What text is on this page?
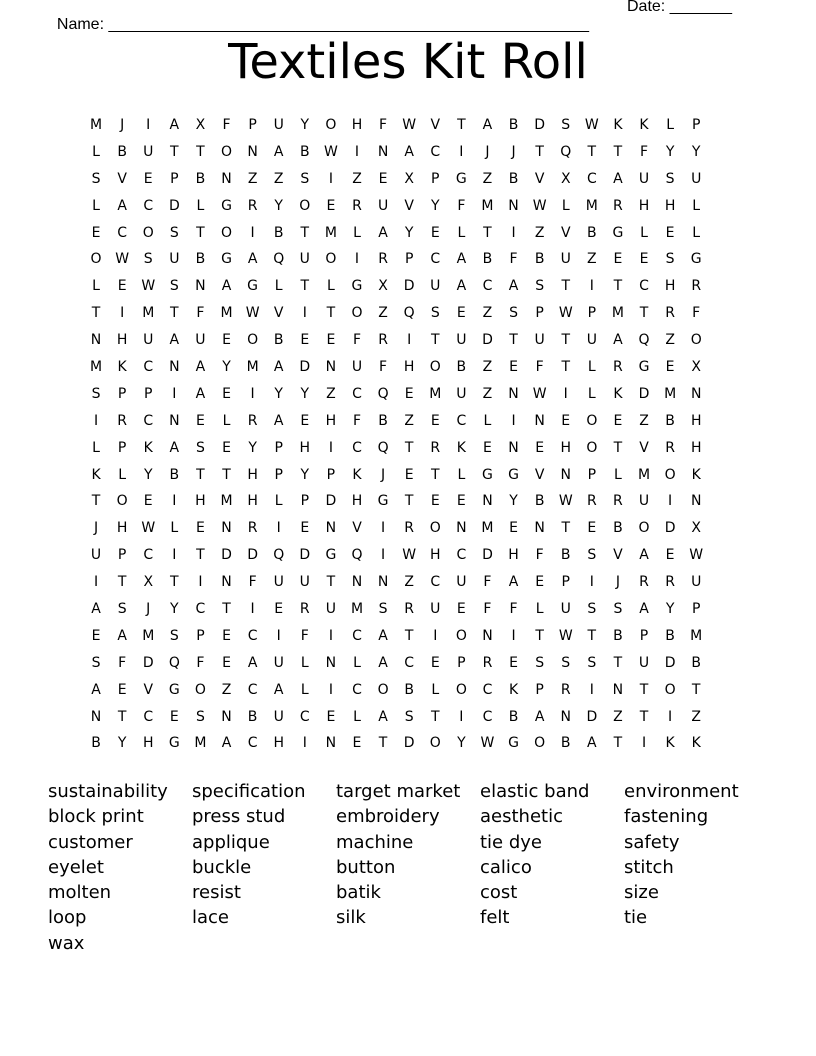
Name: ______________________________________________________

Date: _______

Textiles Kit Roll
M	J	I	A	X	F	P	U	Y	O	H	F	W	V	T	A	B	D	S	W	K	K	L	P
L	B	U	T	T	O	N	A	B	W	I	N	A	C	I	J	J	T	Q	T	T	F	Y	Y
S	V	E	P	B	N	Z	Z	S	I	Z	E	X	P	G	Z	B	V	X	C	A	U	S	U
L	A	C	D	L	G	R	Y	O	E	R	U	V	Y	F	M	N W	L	M	R	H	H	L
E	C	O	S	T	O	I	B	T	M	L	A	Y	E	L	T	I	Z	V	B	G	L	E	L
O W	S	U	B	G	A	Q	U	O	I	R	P	C	A	B	F	B	U	Z	E	E	S	G
L	E	W	S	N	A	G	L	T	L	G	X	D	U	A	C	A	S	T	I	T	C	H	R
T	I	M	T	F	M W	V	I	T	O	Z	Q	S	E	Z	S	P	W	P	M	T	R	F
N	H	U	A	U	E	O	B	E	E	F	R	I	T	U	D	T	U	T	U	A	Q	Z	O
M	K	C	N	A	Y	M	A	D	N	U	F	H	O	B	Z	E	F	T	L	R	G	E	X
S	P	P	I	A	E	I	Y	Y	Z	C	Q	E	M	U	Z	N W	I	L	K	D	M	N
I	R	C	N	E	L	R	A	E	H	F	B	Z	E	C	L	I	N	E	O	E	Z	B	H
L	P	K	A	S	E	Y	P	H	I	C	Q	T	R	K	E	N	E	H	O	T	V	R	H
K	L	Y	B	T	T	H	P	Y	P	K	J	E	T	L	G	G	V	N	P	L	M	O	K
T	O	E	I	H	M	H	L	P	D	H	G	T	E	E	N	Y	B	W	R	R	U	I	N
J	H W	L	E	N	R	I	E	N	V	I	R	O	N	M	E	N	T	E	B	O	D	X
U	P	C	I	T	D	D	Q	D	G	Q	I	W H	C	D	H	F	B	S	V	A	E	W
I	T	X	T	I	N	F	U	U	T	N	N	Z	C	U	F	A	E	P	I	J	R	R	U
A	S	J	Y	C	T	I	E	R	U	M	S	R	U	E	F	F	L	U	S	S	A	Y	P
E	A	M	S	P	E	C	I	F	I	C	A	T	I	O	N	I	T	W	T	B	P	B	M
S	F	D	Q	F	E	A	U	L	N	L	A	C	E	P	R	E	S	S	S	T	U	D	B
A	E	V	G	O	Z	C	A	L	I	C	O	B	L	O	C	K	P	R	I	N	T	O	T
N	T	C	E	S	N	B	U	C	E	L	A	S	T	I	C	B	A	N	D	Z	T	I	Z
B	Y	H	G	M	A	C	H	I	N	E	T	D	O	Y	W G	O	B	A	T	I	K	K
sustainability	specification	target market	elastic band	environment
block print	press stud	embroidery	aesthetic	fastening
customer	applique	machine	tie dye	safety
eyelet	buckle	button	calico	stitch
molten	resist	batik	cost	size
loop	lace	silk	felt	tie
wax
